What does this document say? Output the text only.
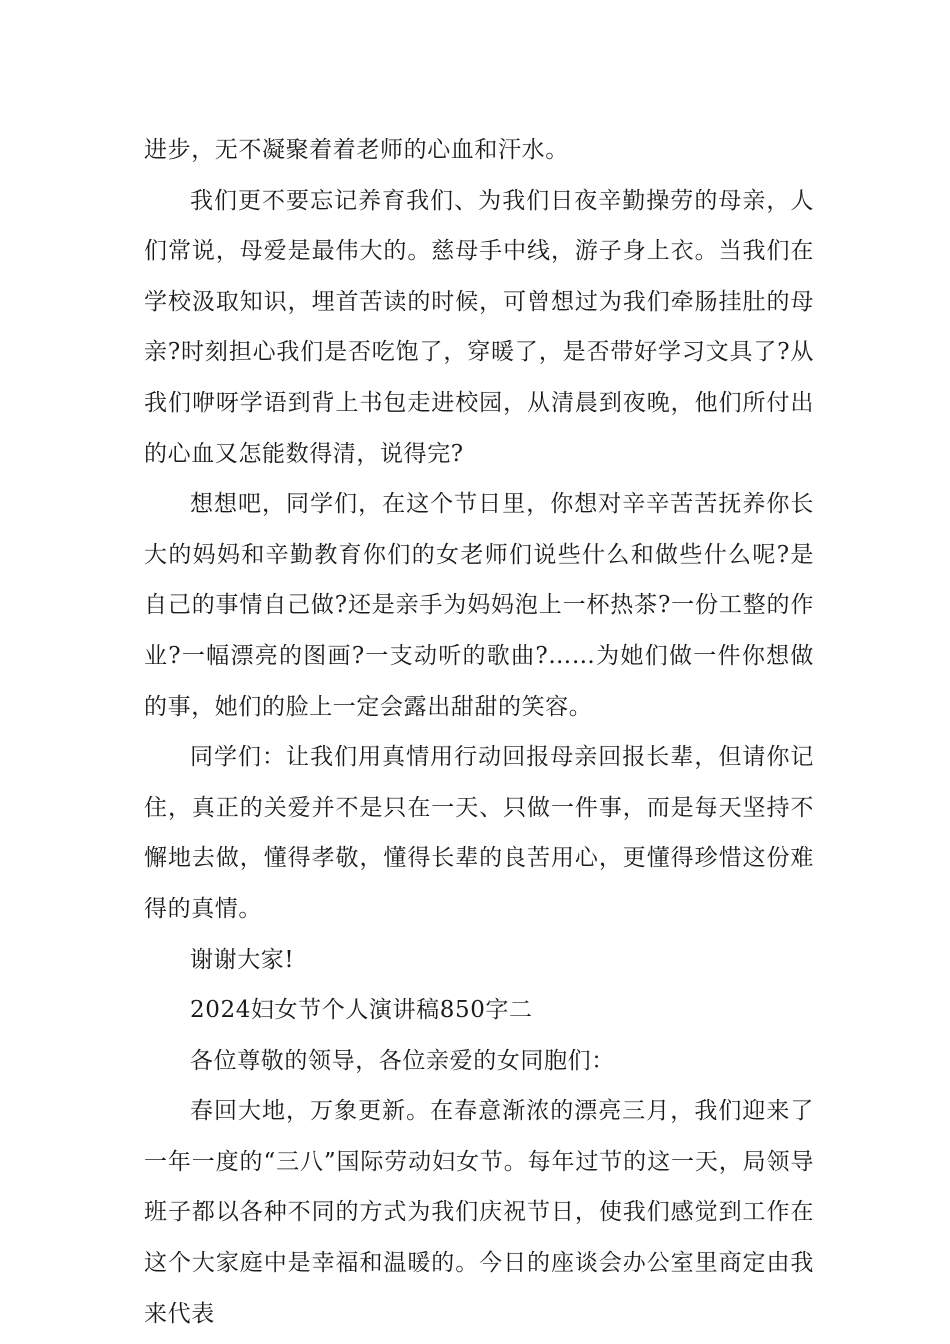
进步，无不凝聚着着老师的心血和汗水。

我们更不要忘记养育我们、为我们日夜辛勤操劳的母亲，人们常说，母爱是最伟大的。慈母手中线，游子身上衣。当我们在学校汲取知识，埋首苦读的时候，可曾想过为我们牵肠挂肚的母亲?时刻担心我们是否吃饱了，穿暖了，是否带好学习文具了?从我们咿呀学语到背上书包走进校园，从清晨到夜晚，他们所付出的心血又怎能数得清，说得完?

想想吧，同学们，在这个节日里，你想对辛辛苦苦抚养你长大的妈妈和辛勤教育你们的女老师们说些什么和做些什么呢?是自己的事情自己做?还是亲手为妈妈泡上一杯热茶?一份工整的作业?一幅漂亮的图画?一支动听的歌曲?……为她们做一件你想做的事，她们的脸上一定会露出甜甜的笑容。

同学们：让我们用真情用行动回报母亲回报长辈，但请你记住，真正的关爱并不是只在一天、只做一件事，而是每天坚持不懈地去做，懂得孝敬，懂得长辈的良苦用心，更懂得珍惜这份难得的真情。

谢谢大家!

2024妇女节个人演讲稿850字二

各位尊敬的领导，各位亲爱的女同胞们：

春回大地，万象更新。在春意渐浓的漂亮三月，我们迎来了一年一度的“三八”国际劳动妇女节。每年过节的这一天，局领导班子都以各种不同的方式为我们庆祝节日，使我们感觉到工作在这个大家庭中是幸福和温暖的。今日的座谈会办公室里商定由我来代表
